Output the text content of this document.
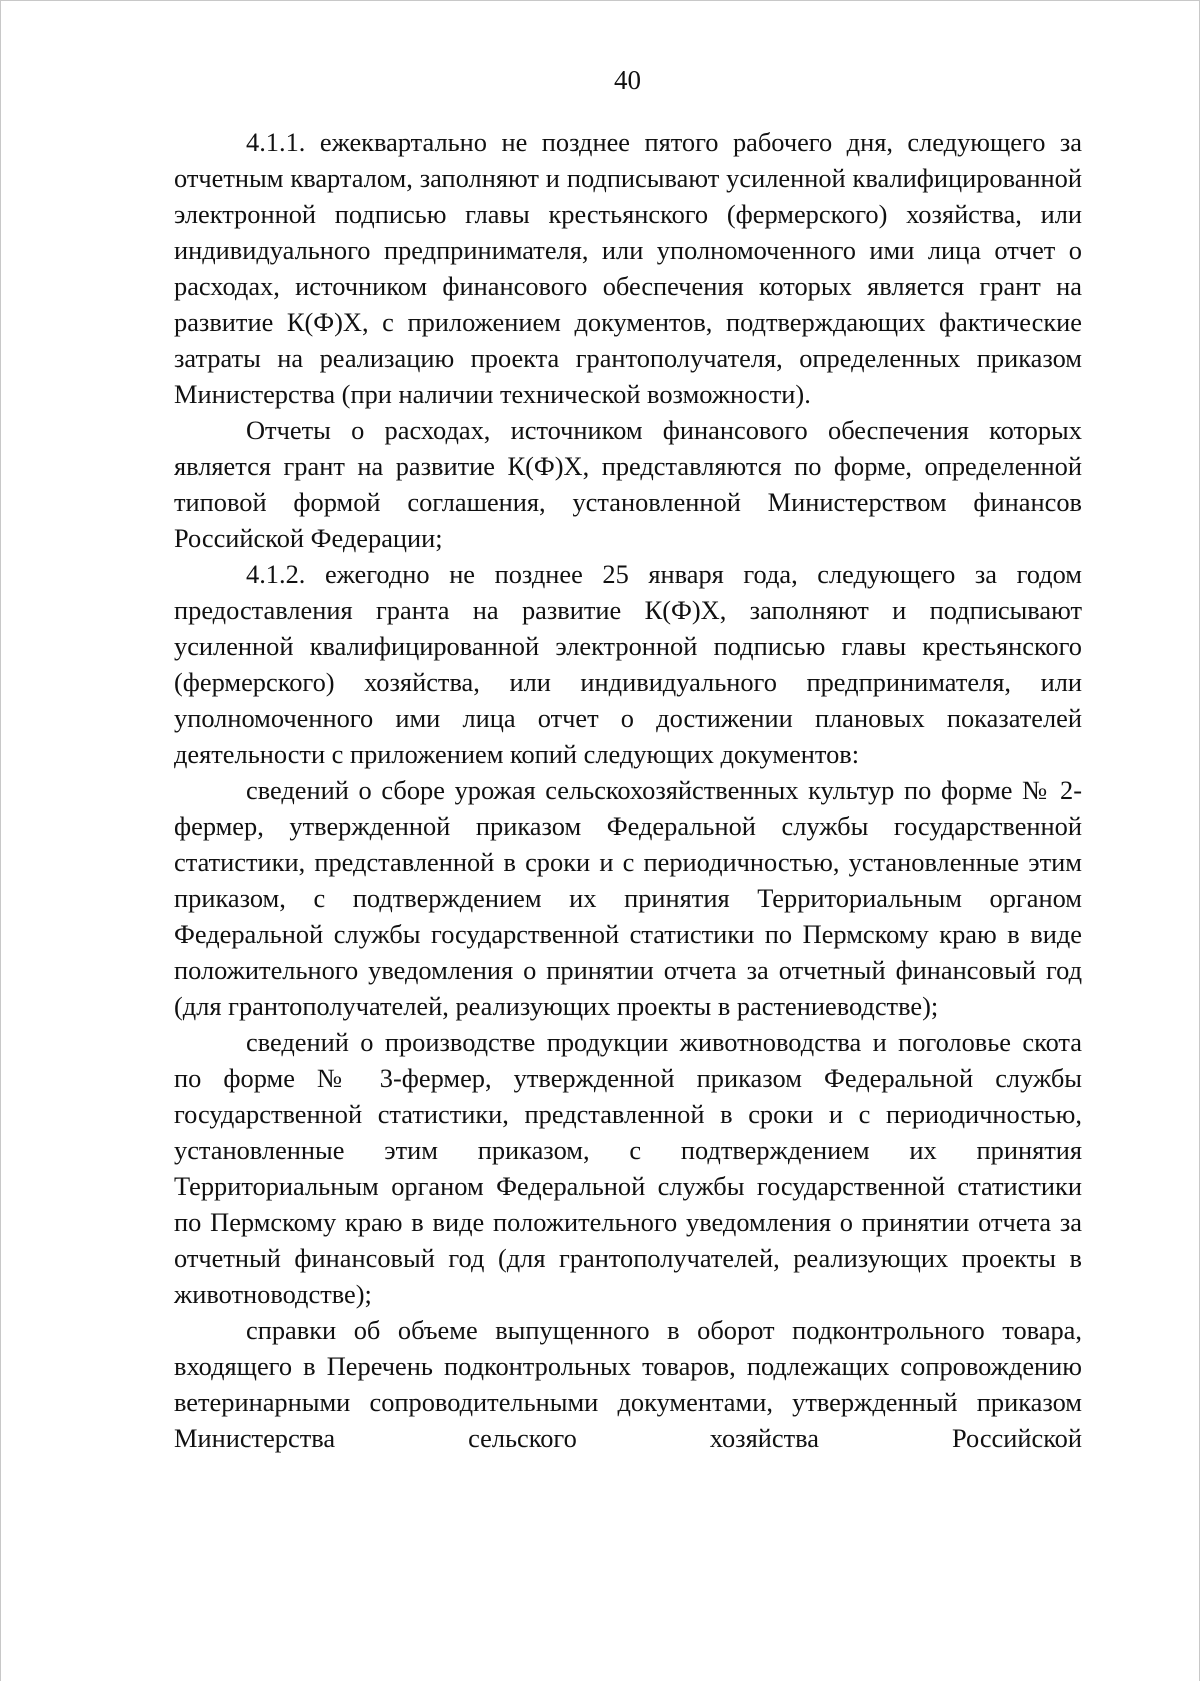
40

4.1.1. ежеквартально не позднее пятого рабочего дня, следующего за отчетным кварталом, заполняют и подписывают усиленной квалифицированной электронной подписью главы крестьянского (фермерского) хозяйства, или индивидуального предпринимателя, или уполномоченного ими лица отчет о расходах, источником финансового обеспечения которых является грант на развитие К(Ф)Х, с приложением документов, подтверждающих фактические затраты на реализацию проекта грантополучателя, определенных приказом Министерства (при наличии технической возможности).

Отчеты о расходах, источником финансового обеспечения которых является грант на развитие К(Ф)Х, представляются по форме, определенной типовой формой соглашения, установленной Министерством финансов Российской Федерации;

4.1.2. ежегодно не позднее 25 января года, следующего за годом предоставления гранта на развитие К(Ф)Х, заполняют и подписывают усиленной квалифицированной электронной подписью главы крестьянского (фермерского) хозяйства, или индивидуального предпринимателя, или уполномоченного ими лица отчет о достижении плановых показателей деятельности с приложением копий следующих документов:

сведений о сборе урожая сельскохозяйственных культур по форме № 2-фермер, утвержденной приказом Федеральной службы государственной статистики, представленной в сроки и с периодичностью, установленные этим приказом, с подтверждением их принятия Территориальным органом Федеральной службы государственной статистики по Пермскому краю в виде положительного уведомления о принятии отчета за отчетный финансовый год (для грантополучателей, реализующих проекты в растениеводстве);

сведений о производстве продукции животноводства и поголовье скота по форме № 3-фермер, утвержденной приказом Федеральной службы государственной статистики, представленной в сроки и с периодичностью, установленные этим приказом, с подтверждением их принятия Территориальным органом Федеральной службы государственной статистики по Пермскому краю в виде положительного уведомления о принятии отчета за отчетный финансовый год (для грантополучателей, реализующих проекты в животноводстве);

справки об объеме выпущенного в оборот подконтрольного товара, входящего в Перечень подконтрольных товаров, подлежащих сопровождению ветеринарными сопроводительными документами, утвержденный приказом Министерства сельского хозяйства Российской
